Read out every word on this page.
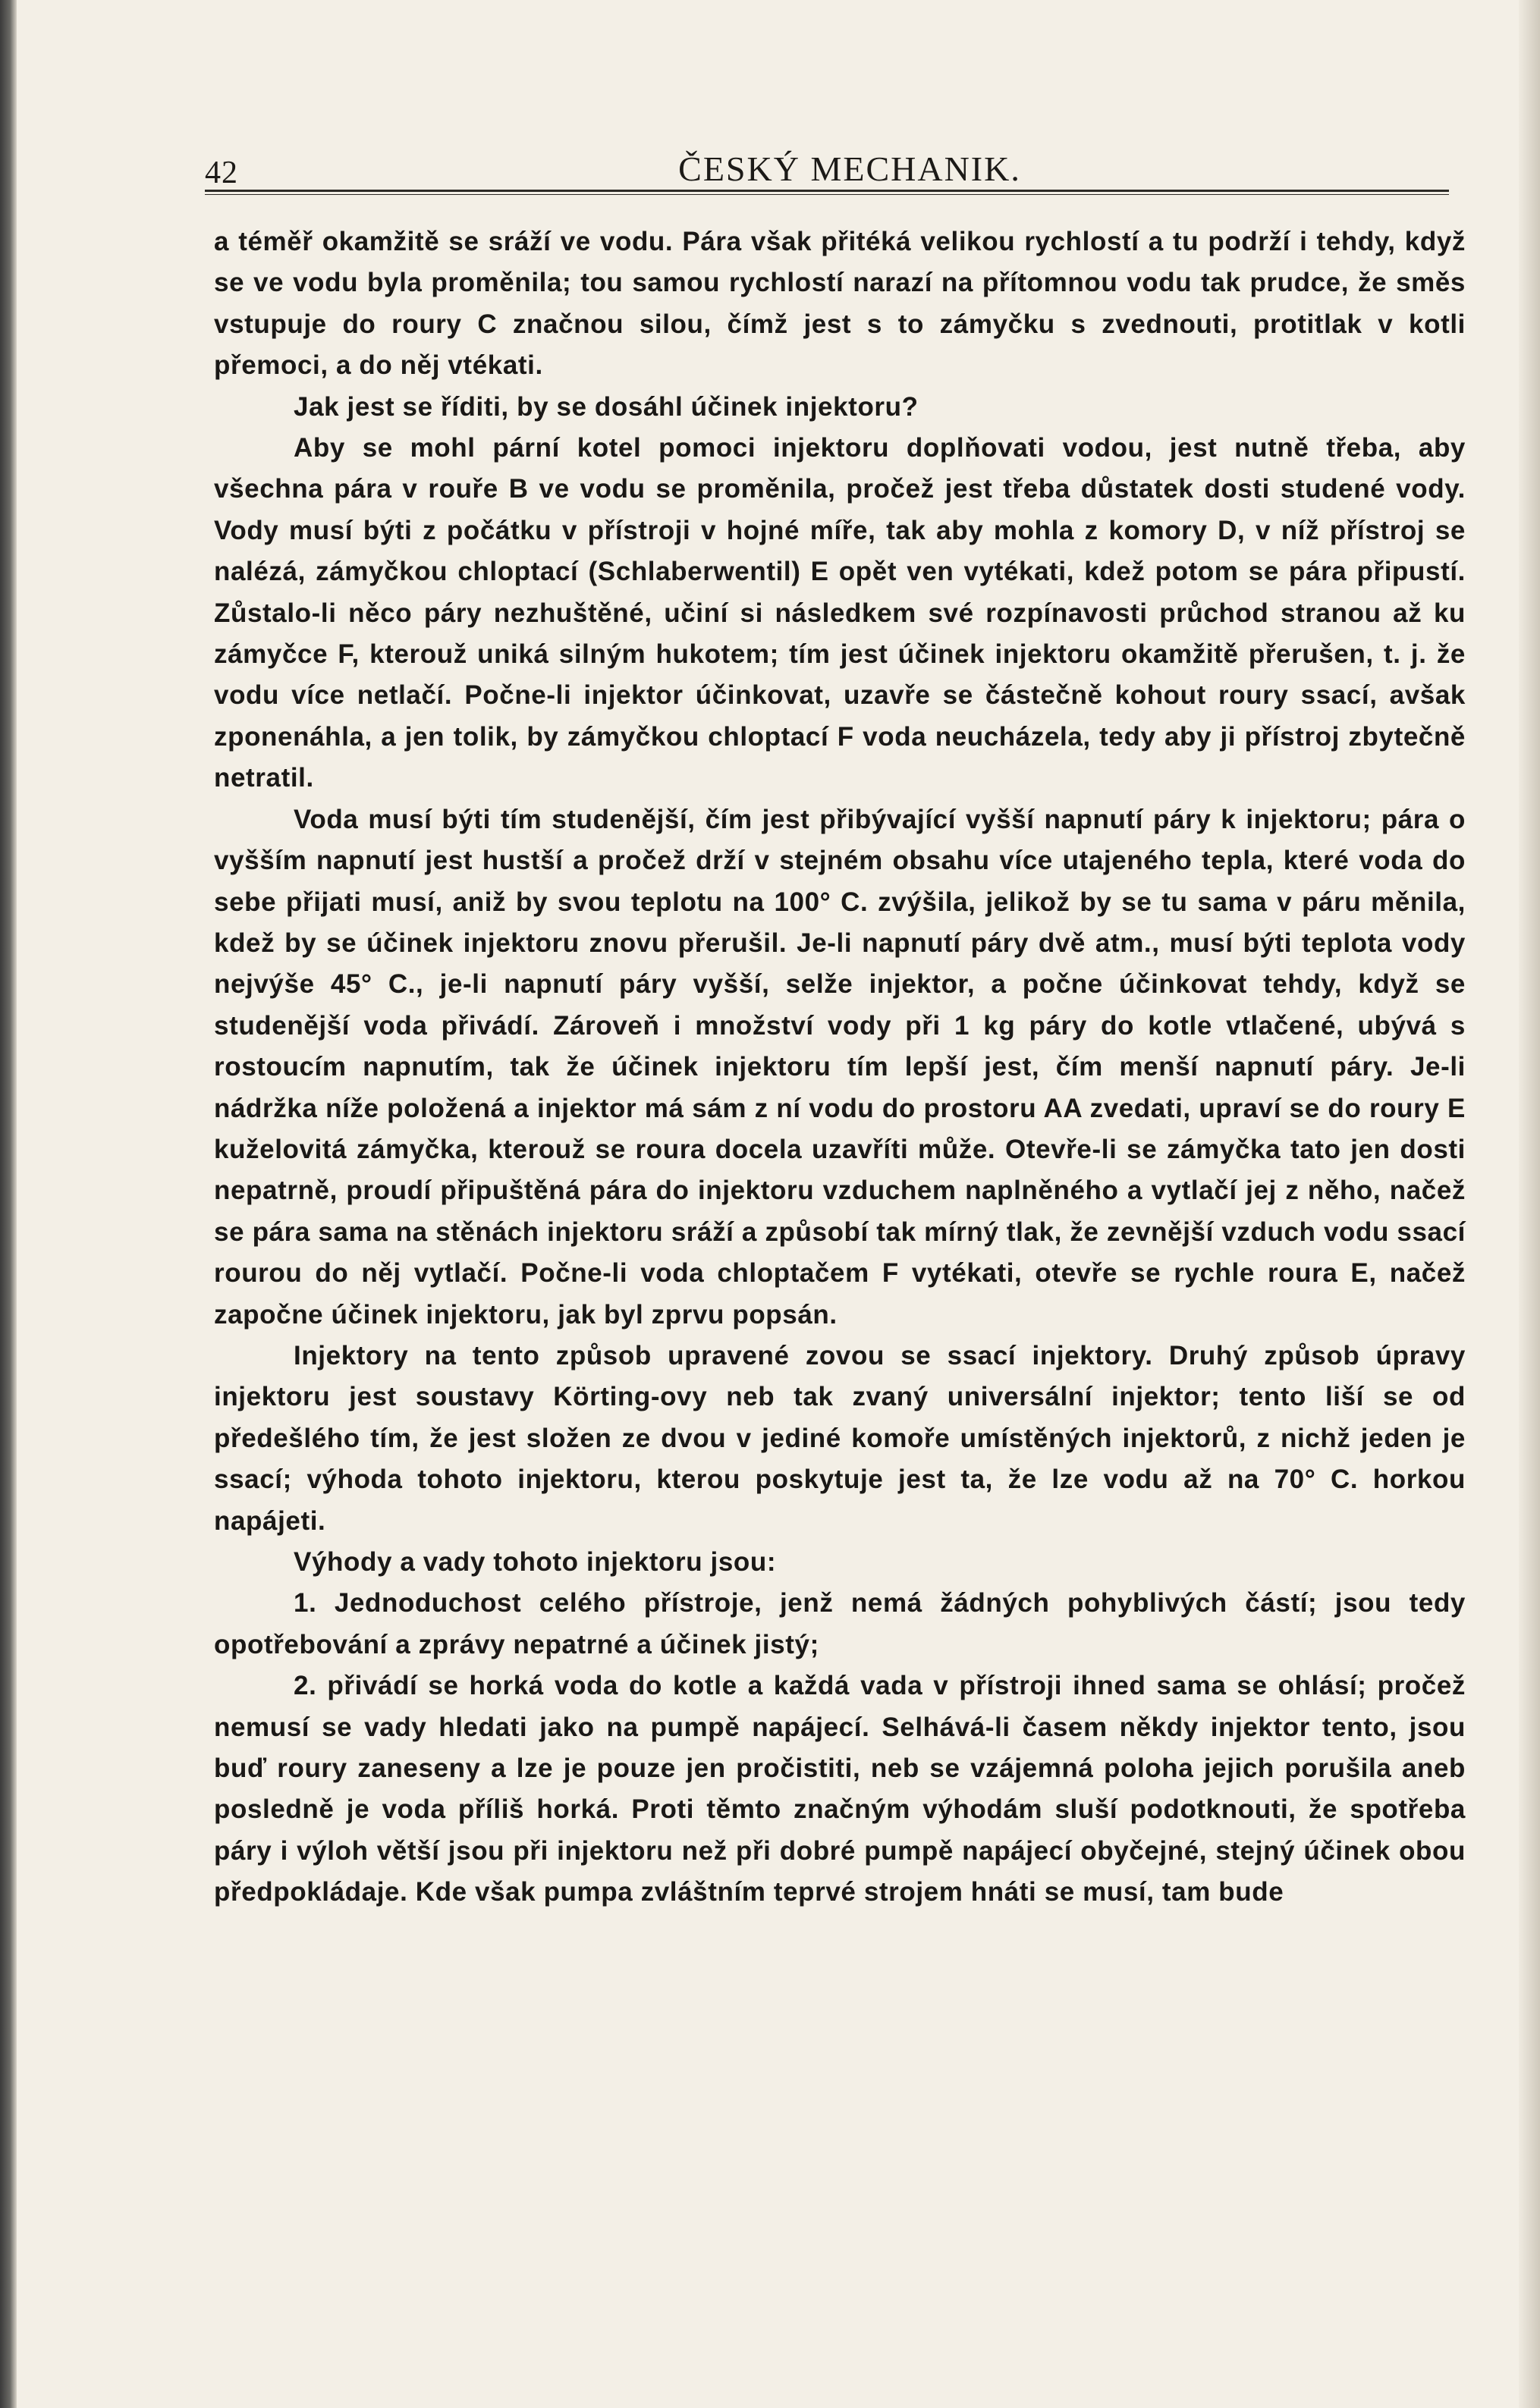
42	ČESKÝ MECHANIK.

a téměř okamžitě se sráží ve vodu. Pára však přitéká velikou rychlostí a tu podrží i tehdy, když se ve vodu byla proměnila; tou samou rychlostí narazí na přítomnou vodu tak prudce, že směs vstupuje do roury C značnou silou, čímž jest s to zámyčku s zvednouti, protitlak v kotli přemoci, a do něj vtékati.

Jak jest se říditi, by se dosáhl účinek injektoru?

Aby se mohl pární kotel pomoci injektoru doplňovati vodou, jest nutně třeba, aby všechna pára v rouře B ve vodu se proměnila, pročež jest třeba důstatek dosti studené vody. Vody musí býti z počátku v přístroji v hojné míře, tak aby mohla z komory D, v níž přístroj se nalézá, zámyčkou chloptací (Schlaberwentil) E opět ven vytékati, kdež potom se pára připustí. Zůstalo-li něco páry nezhuštěné, učiní si následkem své rozpínavosti průchod stranou až ku zámyčce F, kterouž uniká silným hukotem; tím jest účinek injektoru okamžitě přerušen, t. j. že vodu více netlačí. Počne-li injektor účinkovat, uzavře se částečně kohout roury ssací, avšak zponenáhla, a jen tolik, by zámyčkou chloptací F voda neucházela, tedy aby ji přístroj zbytečně netratil.

Voda musí býti tím studenější, čím jest přibývající vyšší napnutí páry k injektoru; pára o vyšším napnutí jest hustší a pročež drží v stejném obsahu více utajeného tepla, které voda do sebe přijati musí, aniž by svou teplotu na 100° C. zvýšila, jelikož by se tu sama v páru měnila, kdež by se účinek injektoru znovu přerušil. Je-li napnutí páry dvě atm., musí býti teplota vody nejvýše 45° C., je-li napnutí páry vyšší, selže injektor, a počne účinkovat tehdy, když se studenější voda přivádí. Zároveň i množství vody při 1 kg páry do kotle vtlačené, ubývá s rostoucím napnutím, tak že účinek injektoru tím lepší jest, čím menší napnutí páry. Je-li nádržka níže položená a injektor má sám z ní vodu do prostoru AA zvedati, upraví se do roury E kuželovitá zámyčka, kterouž se roura docela uzavříti může. Otevře-li se zámyčka tato jen dosti nepatrně, proudí připuštěná pára do injektoru vzduchem naplněného a vytlačí jej z něho, načež se pára sama na stěnách injektoru sráží a způsobí tak mírný tlak, že zevnější vzduch vodu ssací rourou do něj vytlačí. Počne-li voda chloptačem F vytékati, otevře se rychle roura E, načež započne účinek injektoru, jak byl zprvu popsán.

Injektory na tento způsob upravené zovou se ssací injektory. Druhý způsob úpravy injektoru jest soustavy Körting-ovy neb tak zvaný universální injektor; tento liší se od předešlého tím, že jest složen ze dvou v jediné komoře umístěných injektorů, z nichž jeden je ssací; výhoda tohoto injektoru, kterou poskytuje jest ta, že lze vodu až na 70° C. horkou napájeti.

Výhody a vady tohoto injektoru jsou:

1. Jednoduchost celého přístroje, jenž nemá žádných pohyblivých částí; jsou tedy opotřebování a zprávy nepatrné a účinek jistý;

2. přivádí se horká voda do kotle a každá vada v přístroji ihned sama se ohlásí; pročež nemusí se vady hledati jako na pumpě napájecí. Selhává-li časem někdy injektor tento, jsou buď roury zaneseny a lze je pouze jen pročistiti, neb se vzájemná poloha jejich porušila aneb posledně je voda příliš horká. Proti těmto značným výhodám sluší podotknouti, že spotřeba páry i výloh větší jsou při injektoru než při dobré pumpě napájecí obyčejné, stejný účinek obou předpokládaje. Kde však pumpa zvláštním teprvé strojem hnáti se musí, tam bude
